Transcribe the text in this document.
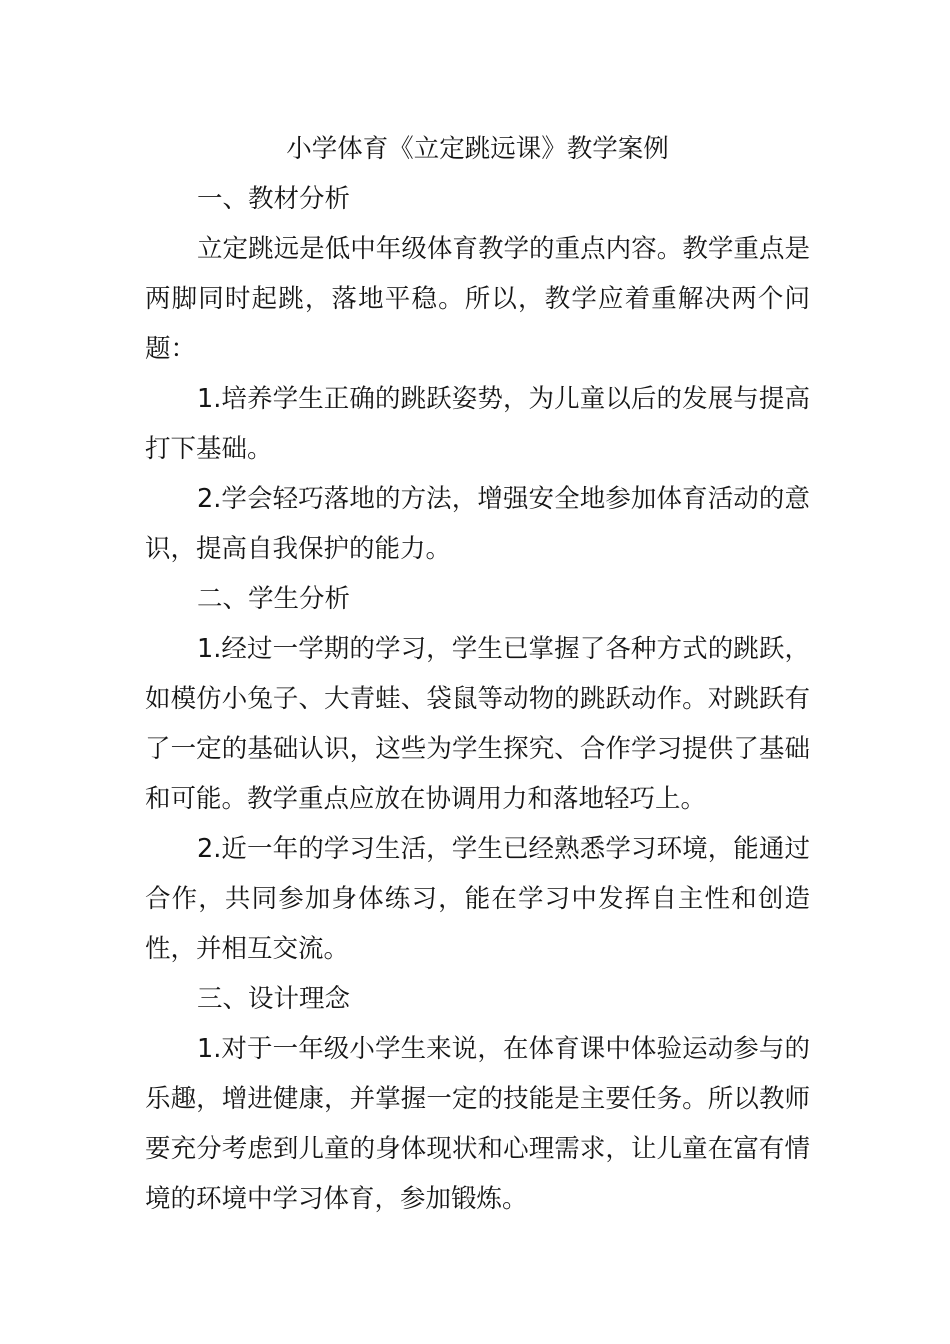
小学体育《立定跳远课》教学案例
一、教材分析

立定跳远是低中年级体育教学的重点内容。教学重点是两脚同时起跳，落地平稳。所以，教学应着重解决两个问题：

1.培养学生正确的跳跃姿势，为儿童以后的发展与提高打下基础。

2.学会轻巧落地的方法，增强安全地参加体育活动的意识，提高自我保护的能力。

二、学生分析

1.经过一学期的学习，学生已掌握了各种方式的跳跃，如模仿小兔子、大青蛙、袋鼠等动物的跳跃动作。对跳跃有了一定的基础认识，这些为学生探究、合作学习提供了基础和可能。教学重点应放在协调用力和落地轻巧上。

2.近一年的学习生活，学生已经熟悉学习环境，能通过合作，共同参加身体练习，能在学习中发挥自主性和创造性，并相互交流。

三、设计理念

1.对于一年级小学生来说，在体育课中体验运动参与的乐趣，增进健康，并掌握一定的技能是主要任务。所以教师要充分考虑到儿童的身体现状和心理需求，让儿童在富有情境的环境中学习体育，参加锻炼。
